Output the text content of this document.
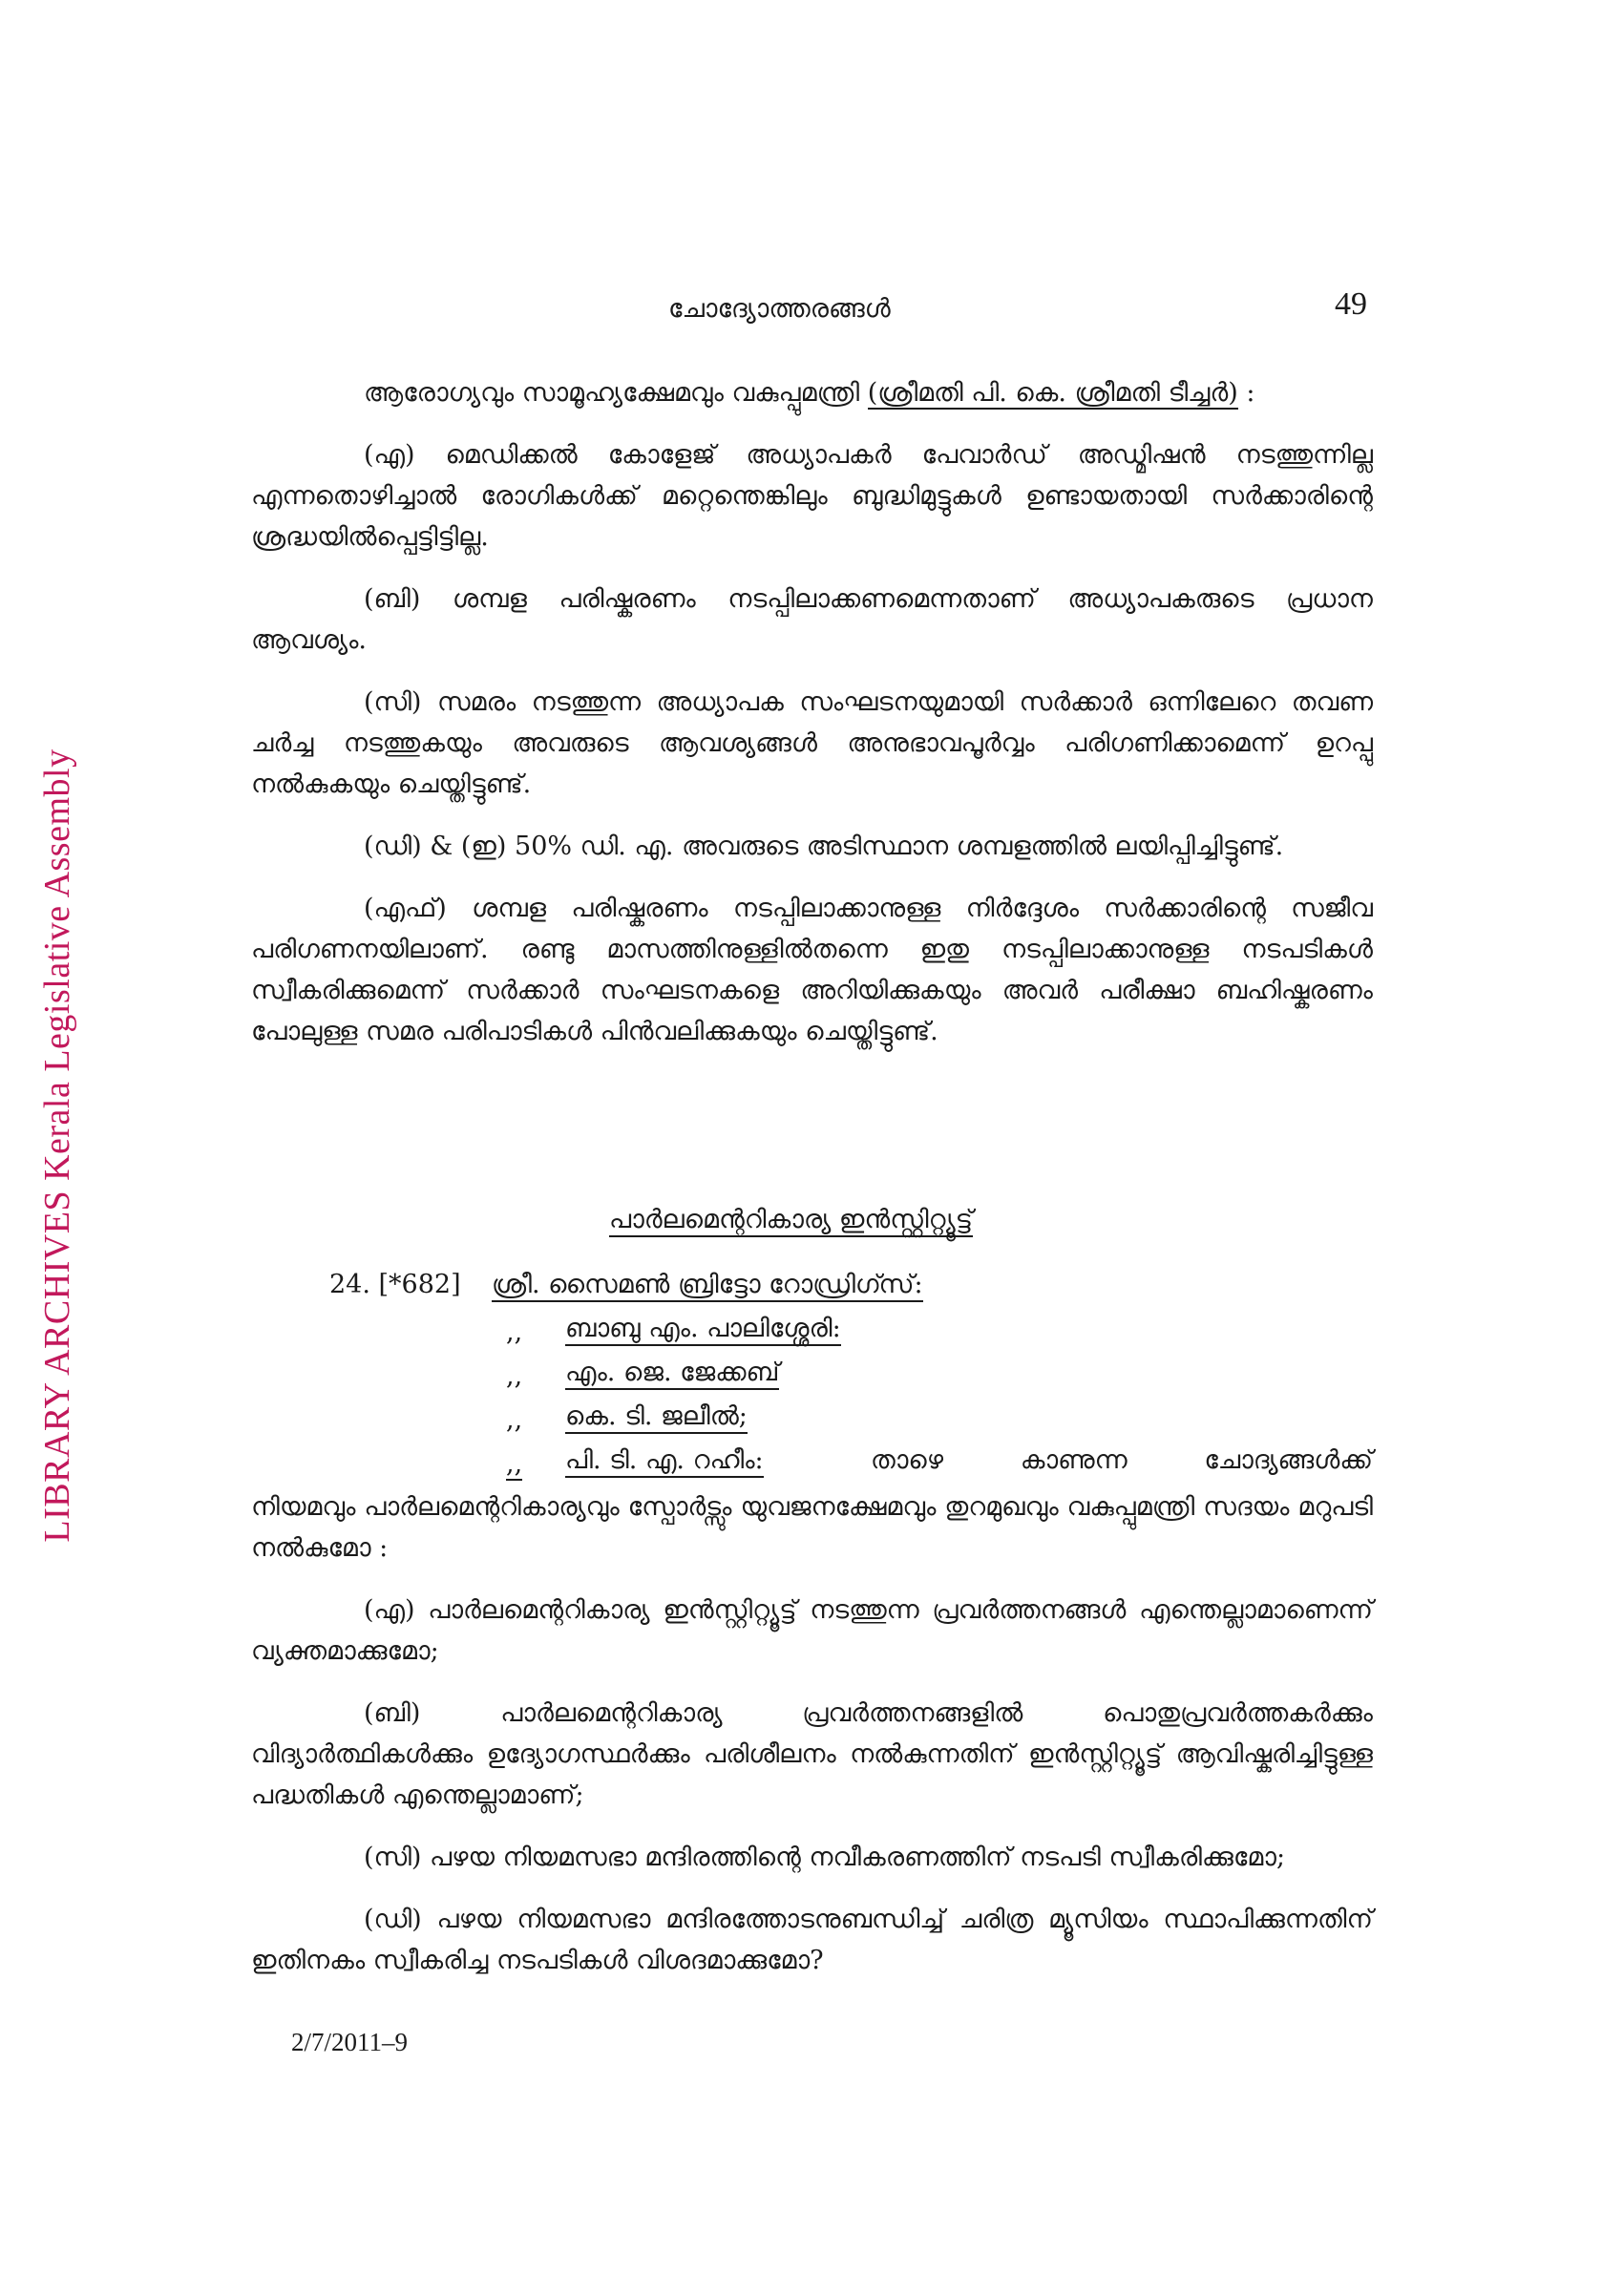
LIBRARY ARCHIVES Kerala Legislative Assembly
ചോദ്യോത്തരങ്ങൾ	49

ആരോഗ്യവും സാമൂഹ്യക്ഷേമവും വകുപ്പുമന്ത്രി (ശ്രീമതി പി. കെ. ശ്രീമതി ടീച്ചർ) :

(എ) മെഡിക്കൽ കോളേജ് അധ്യാപകർ പേവാർഡ് അഡ്മിഷൻ നടത്തുന്നില്ല എന്നതൊഴിച്ചാൽ രോഗികൾക്ക് മറ്റെന്തെങ്കിലും ബുദ്ധിമുട്ടുകൾ ഉണ്ടായതായി സർക്കാരിന്റെ ശ്രദ്ധയിൽപ്പെട്ടിട്ടില്ല.

(ബി) ശമ്പള പരിഷ്കരണം നടപ്പിലാക്കണമെന്നതാണ് അധ്യാപകരുടെ പ്രധാന ആവശ്യം.

(സി) സമരം നടത്തുന്ന അധ്യാപക സംഘടനയുമായി സർക്കാർ ഒന്നിലേറെ തവണ ചർച്ച നടത്തുകയും അവരുടെ ആവശ്യങ്ങൾ അനുഭാവപൂർവ്വം പരിഗണിക്കാമെന്ന് ഉറപ്പു നൽകുകയും ചെയ്തിട്ടുണ്ട്.

(ഡി) & (ഇ) 50% ഡി. എ. അവരുടെ അടിസ്ഥാന ശമ്പളത്തിൽ ലയിപ്പിച്ചിട്ടുണ്ട്.

(എഫ്) ശമ്പള പരിഷ്കരണം നടപ്പിലാക്കാനുള്ള നിർദ്ദേശം സർക്കാരിന്റെ സജീവ പരിഗണനയിലാണ്. രണ്ടു മാസത്തിനുള്ളിൽതന്നെ ഇതു നടപ്പിലാക്കാനുള്ള നടപടികൾ സ്വീകരിക്കുമെന്ന് സർക്കാർ സംഘടനകളെ അറിയിക്കുകയും അവർ പരീക്ഷാ ബഹിഷ്കരണം പോലുള്ള സമര പരിപാടികൾ പിൻവലിക്കുകയും ചെയ്തിട്ടുണ്ട്.

പാർലമെന്ററികാര്യ ഇൻസ്റ്റിറ്റ്യൂട്ട്
24. [*682] ശ്രീ. സൈമൺ ബ്രിട്ടോ റോഡ്രിഗ്സ്:
,, ബാബു എം. പാലിശ്ശേരി:
,, എം. ജെ. ജേക്കബ്
,, കെ. ടി. ജലീൽ;
,, പി. ടി. എ. റഹീം:	താഴെ കാണുന്ന ചോദ്യങ്ങൾക്ക്

നിയമവും പാർലമെന്ററികാര്യവും സ്പോർട്സും യുവജനക്ഷേമവും തുറമുഖവും വകുപ്പുമന്ത്രി സദയം മറുപടി നൽകുമോ :

(എ) പാർലമെന്ററികാര്യ ഇൻസ്റ്റിറ്റ്യൂട്ട് നടത്തുന്ന പ്രവർത്തനങ്ങൾ എന്തെല്ലാമാണെന്ന് വ്യക്തമാക്കുമോ;

(ബി) പാർലമെന്ററികാര്യ പ്രവർത്തനങ്ങളിൽ പൊതുപ്രവർത്തകർക്കും വിദ്യാർത്ഥികൾക്കും ഉദ്യോഗസ്ഥർക്കും പരിശീലനം നൽകുന്നതിന് ഇൻസ്റ്റിറ്റ്യൂട്ട് ആവിഷ്കരിച്ചിട്ടുള്ള പദ്ധതികൾ എന്തെല്ലാമാണ്;

(സി) പഴയ നിയമസഭാ മന്ദിരത്തിന്റെ നവീകരണത്തിന് നടപടി സ്വീകരിക്കുമോ;

(ഡി) പഴയ നിയമസഭാ മന്ദിരത്തോടനുബന്ധിച്ച് ചരിത്ര മ്യൂസിയം സ്ഥാപിക്കുന്നതിന് ഇതിനകം സ്വീകരിച്ച നടപടികൾ വിശദമാക്കുമോ?

2/7/2011–9
